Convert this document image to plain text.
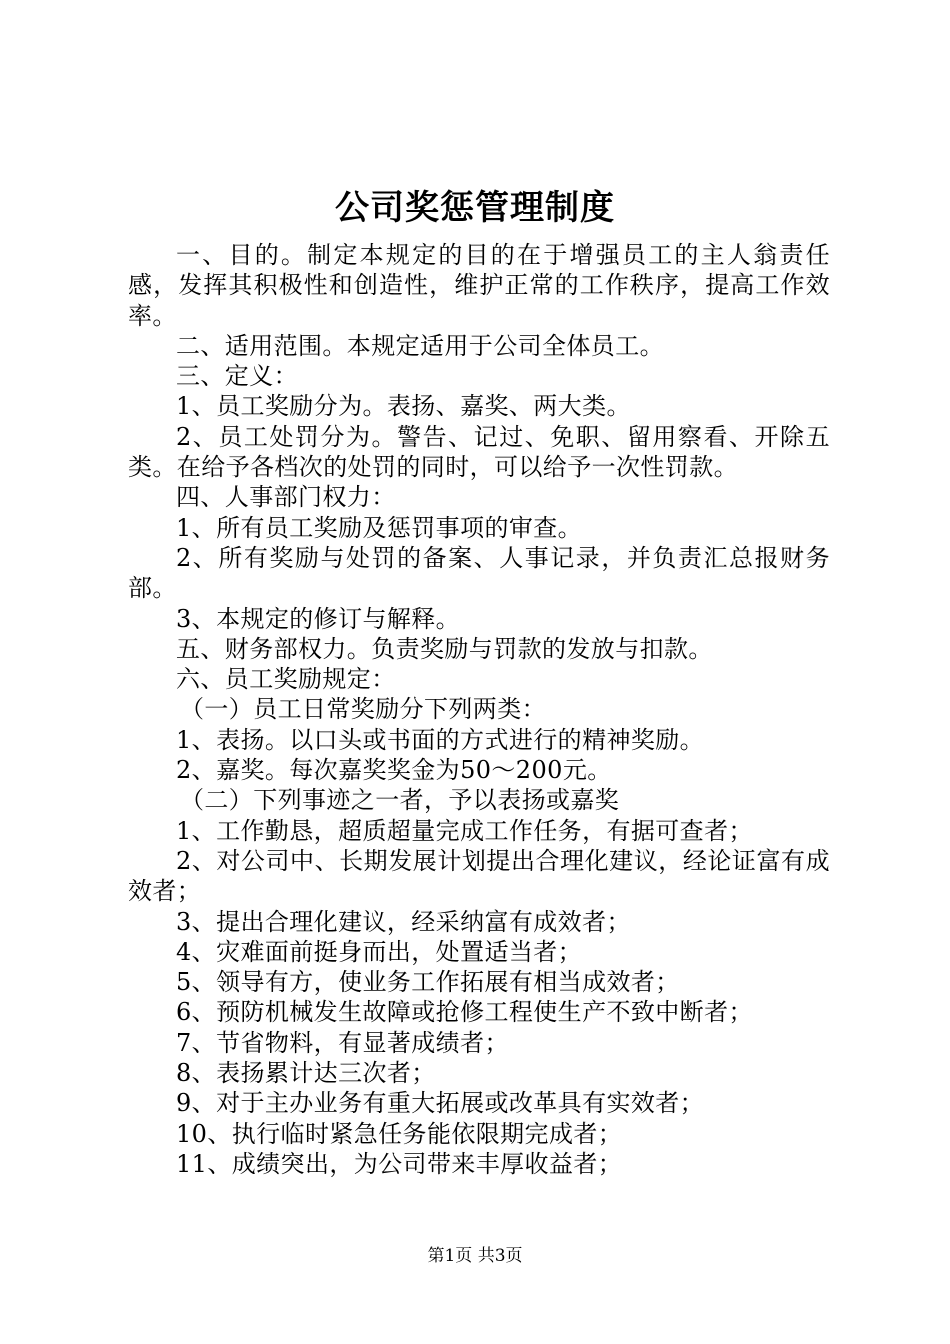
公司奖惩管理制度

一、目的。制定本规定的目的在于增强员工的主人翁责任感，发挥其积极性和创造性，维护正常的工作秩序，提高工作效率。

二、适用范围。本规定适用于公司全体员工。

三、定义：

1、员工奖励分为。表扬、嘉奖、两大类。

2、员工处罚分为。警告、记过、免职、留用察看、开除五类。在给予各档次的处罚的同时，可以给予一次性罚款。

四、人事部门权力：

1、所有员工奖励及惩罚事项的审查。

2、所有奖励与处罚的备案、人事记录，并负责汇总报财务部。

3、本规定的修订与解释。

五、财务部权力。负责奖励与罚款的发放与扣款。

六、员工奖励规定：

（一）员工日常奖励分下列两类：

1、表扬。以口头或书面的方式进行的精神奖励。

2、嘉奖。每次嘉奖奖金为50～200元。

（二）下列事迹之一者，予以表扬或嘉奖

1、工作勤恳，超质超量完成工作任务，有据可查者；

2、对公司中、长期发展计划提出合理化建议，经论证富有成效者；

3、提出合理化建议，经采纳富有成效者；

4、灾难面前挺身而出，处置适当者；

5、领导有方，使业务工作拓展有相当成效者；

6、预防机械发生故障或抢修工程使生产不致中断者；

7、节省物料，有显著成绩者；

8、表扬累计达三次者；

9、对于主办业务有重大拓展或改革具有实效者；

10、执行临时紧急任务能依限期完成者；

11、成绩突出，为公司带来丰厚收益者；

第1页 共3页
